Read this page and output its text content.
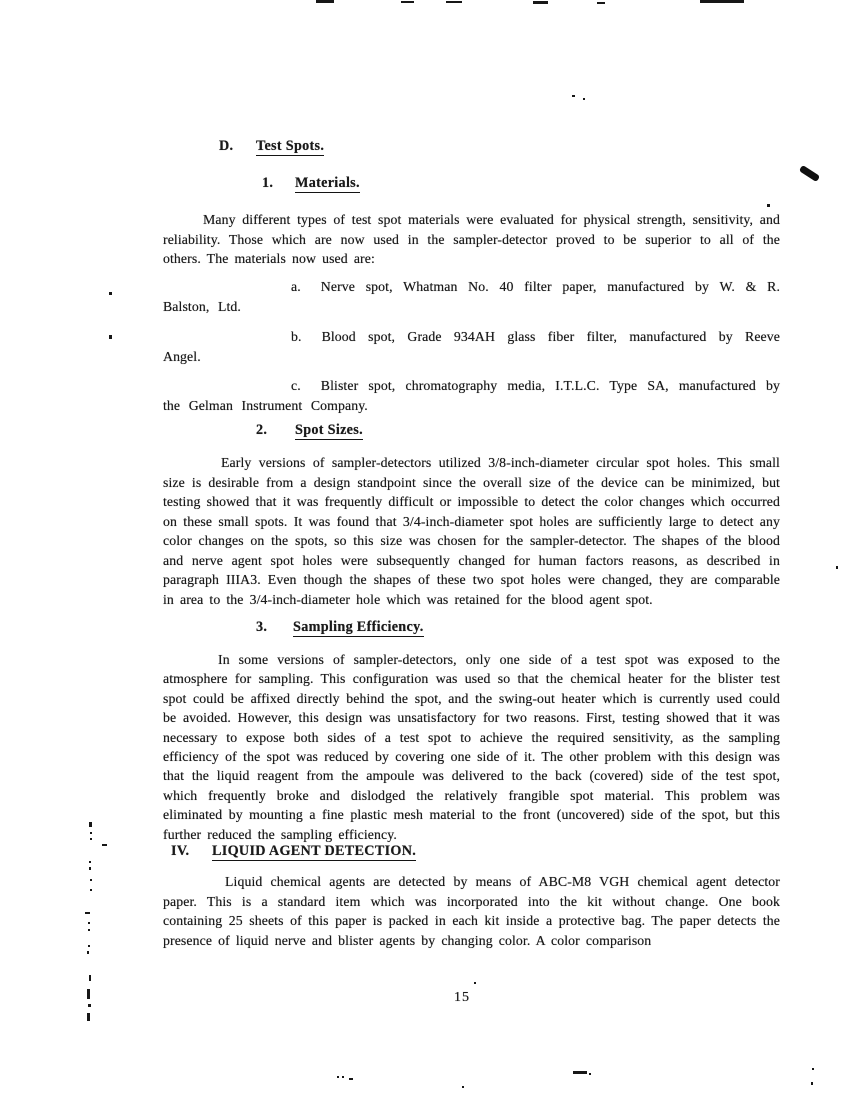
D. Test Spots.
1. Materials.

Many different types of test spot materials were evaluated for physical strength, sensitivity, and reliability. Those which are now used in the sampler-detector proved to be superior to all of the others. The materials now used are:

a. Nerve spot, Whatman No. 40 filter paper, manufactured by W. & R. Balston, Ltd.

b. Blood spot, Grade 934AH glass fiber filter, manufactured by Reeve Angel.

c. Blister spot, chromatography media, I.T.L.C. Type SA, manufactured by the Gelman Instrument Company.

2. Spot Sizes.

Early versions of sampler-detectors utilized 3/8-inch-diameter circular spot holes. This small size is desirable from a design standpoint since the overall size of the device can be minimized, but testing showed that it was frequently difficult or impossible to detect the color changes which occurred on these small spots. It was found that 3/4-inch-diameter spot holes are sufficiently large to detect any color changes on the spots, so this size was chosen for the sampler-detector. The shapes of the blood and nerve agent spot holes were subsequently changed for human factors reasons, as described in paragraph IIIA3. Even though the shapes of these two spot holes were changed, they are comparable in area to the 3/4-inch-diameter hole which was retained for the blood agent spot.

3. Sampling Efficiency.

In some versions of sampler-detectors, only one side of a test spot was exposed to the atmosphere for sampling. This configuration was used so that the chemical heater for the blister test spot could be affixed directly behind the spot, and the swing-out heater which is currently used could be avoided. However, this design was unsatisfactory for two reasons. First, testing showed that it was necessary to expose both sides of a test spot to achieve the required sensitivity, as the sampling efficiency of the spot was reduced by covering one side of it. The other problem with this design was that the liquid reagent from the ampoule was delivered to the back (covered) side of the test spot, which frequently broke and dislodged the relatively frangible spot material. This problem was eliminated by mounting a fine plastic mesh material to the front (uncovered) side of the spot, but this further reduced the sampling efficiency.

IV. LIQUID AGENT DETECTION.

Liquid chemical agents are detected by means of ABC-M8 VGH chemical agent detector paper. This is a standard item which was incorporated into the kit without change. One book containing 25 sheets of this paper is packed in each kit inside a protective bag. The paper detects the presence of liquid nerve and blister agents by changing color. A color comparison

15
